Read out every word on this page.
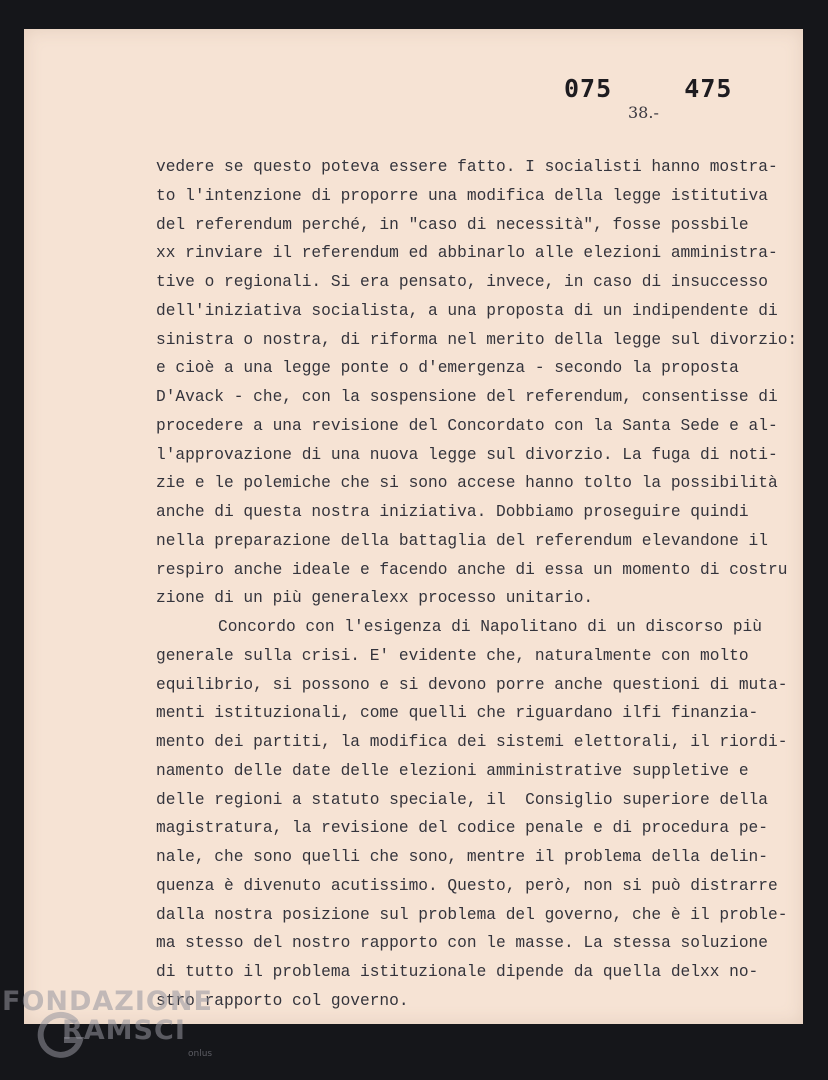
075   475
38.-
vedere se questo poteva essere fatto. I socialisti hanno mostra-
to l'intenzione di proporre una modifica della legge istitutiva
del referendum perché, in "caso di necessità", fosse possbile
xx rinviare il referendum ed abbinarlo alle elezioni amministra-
tive o regionali. Si era pensato, invece, in caso di insuccesso
dell'iniziativa socialista, a una proposta di un indipendente di
sinistra o nostra, di riforma nel merito della legge sul divorzio:
e cioè a una legge ponte o d'emergenza - secondo la proposta
D'Avack - che, con la sospensione del referendum, consentisse di
procedere a una revisione del Concordato con la Santa Sede e al-
l'approvazione di una nuova legge sul divorzio. La fuga di noti-
zie e le polemiche che si sono accese hanno tolto la possibilità
anche di questa nostra iniziativa. Dobbiamo proseguire quindi
nella preparazione della battaglia del referendum elevandone il
respiro anche ideale e facendo anche di essa un momento di costru
zione di un più generalexx processo unitario.
Concordo con l'esigenza di Napolitano di un discorso più
generale sulla crisi. E' evidente che, naturalmente con molto
equilibrio, si possono e si devono porre anche questioni di muta-
menti istituzionali, come quelli che riguardano ilfi finanzia-
mento dei partiti, la modifica dei sistemi elettorali, il riordi-
namento delle date delle elezioni amministrative suppletive e
delle regioni a statuto speciale, il  Consiglio superiore della
magistratura, la revisione del codice penale e di procedura pe-
nale, che sono quelli che sono, mentre il problema della delin-
quenza è divenuto acutissimo. Questo, però, non si può distrarre
dalla nostra posizione sul problema del governo, che è il proble-
ma stesso del nostro rapporto con le masse. La stessa soluzione
di tutto il problema istituzionale dipende da quella delxx no-
stro rapporto col governo.
FONDAZIONE
RAMSCI
onlus
